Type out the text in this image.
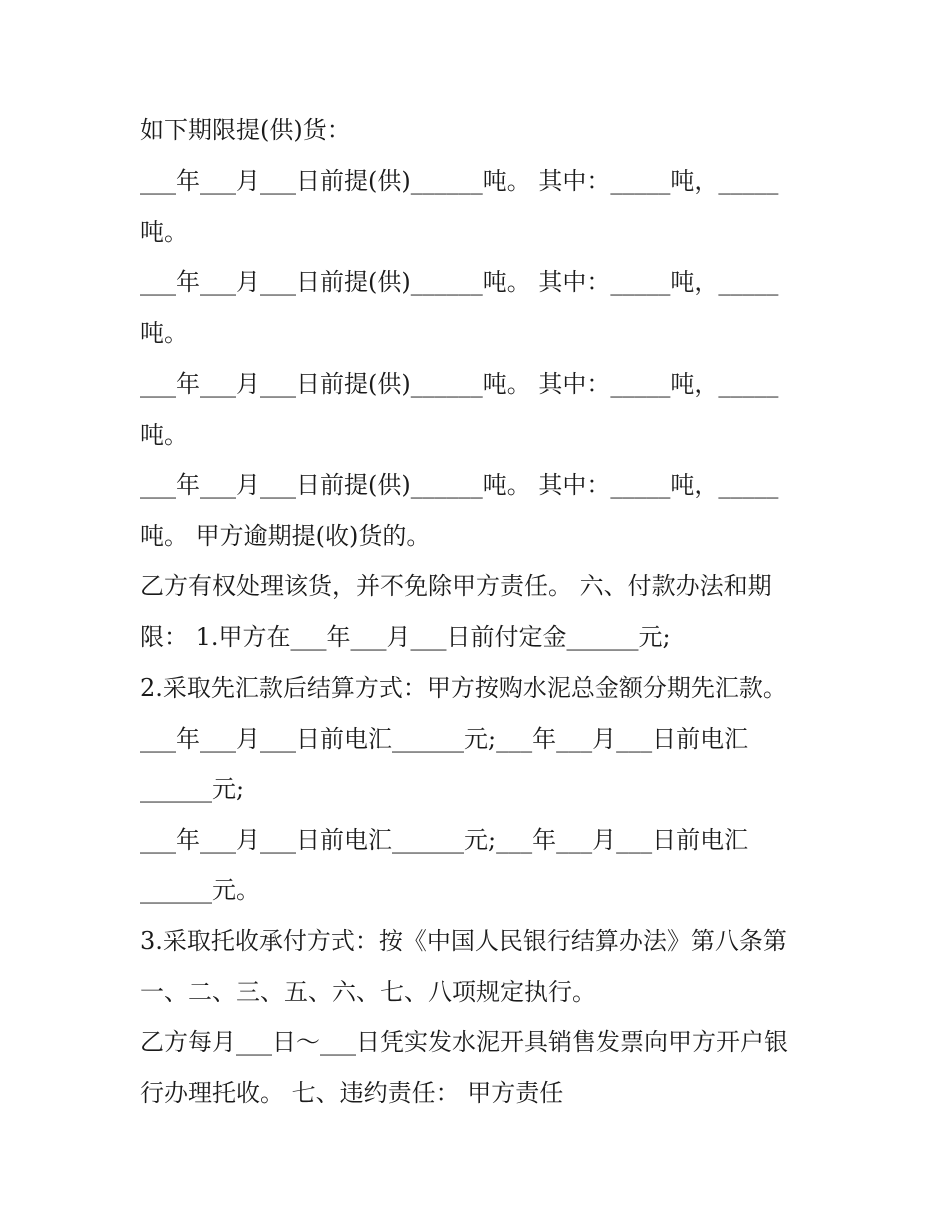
如下期限提(供)货：
___年___月___日前提(供)______吨。 其中：_____吨，_____
吨。
___年___月___日前提(供)______吨。 其中：_____吨，_____
吨。
___年___月___日前提(供)______吨。 其中：_____吨，_____
吨。
___年___月___日前提(供)______吨。 其中：_____吨，_____
吨。 甲方逾期提(收)货的。
乙方有权处理该货，并不免除甲方责任。 六、付款办法和期
限： 1.甲方在___年___月___日前付定金______元;
2.采取先汇款后结算方式：甲方按购水泥总金额分期先汇款。
___年___月___日前电汇______元;___年___月___日前电汇
______元;
___年___月___日前电汇______元;___年___月___日前电汇
______元。
3.采取托收承付方式：按《中国人民银行结算办法》第八条第
一、二、三、五、六、七、八项规定执行。
乙方每月___日～___日凭实发水泥开具销售发票向甲方开户银
行办理托收。 七、违约责任： 甲方责任
